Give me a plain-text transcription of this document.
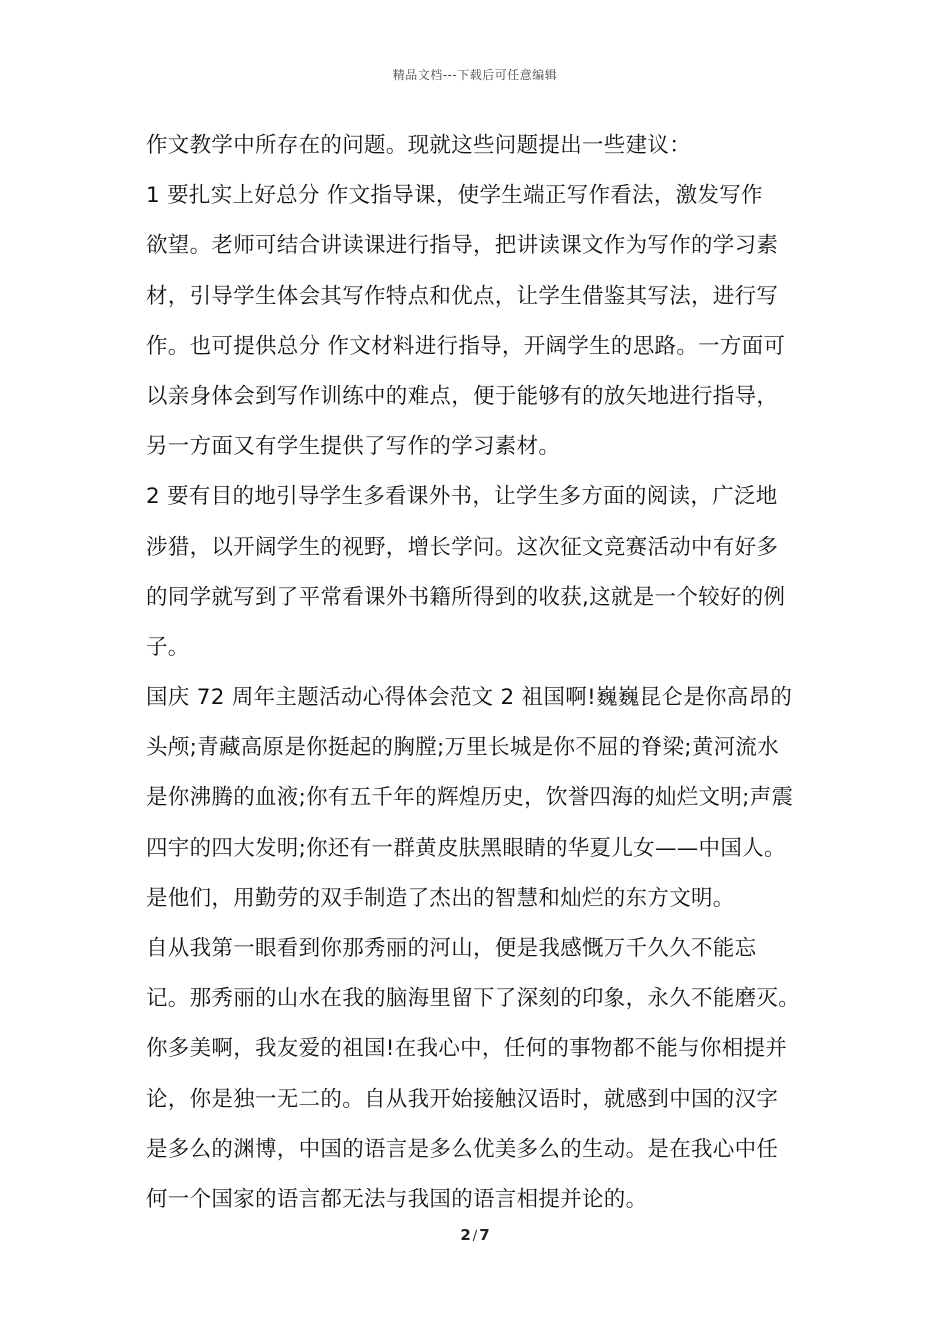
精品文档---下载后可任意编辑
作文教学中所存在的问题。现就这些问题提出一些建议：
1 要扎实上好总分 作文指导课，使学生端正写作看法，激发写作
欲望。老师可结合讲读课进行指导，把讲读课文作为写作的学习素
材，引导学生体会其写作特点和优点，让学生借鉴其写法，进行写
作。也可提供总分 作文材料进行指导，开阔学生的思路。一方面可
以亲身体会到写作训练中的难点，便于能够有的放矢地进行指导，
另一方面又有学生提供了写作的学习素材。
2 要有目的地引导学生多看课外书，让学生多方面的阅读，广泛地
涉猎，以开阔学生的视野，增长学问。这次征文竞赛活动中有好多
的同学就写到了平常看课外书籍所得到的收获,这就是一个较好的例
子。
国庆 72 周年主题活动心得体会范文 2 祖国啊!巍巍昆仑是你高昂的
头颅;青藏高原是你挺起的胸膛;万里长城是你不屈的脊梁;黄河流水
是你沸腾的血液;你有五千年的辉煌历史，饮誉四海的灿烂文明;声震
四宇的四大发明;你还有一群黄皮肤黑眼睛的华夏儿女——中国人。
是他们，用勤劳的双手制造了杰出的智慧和灿烂的东方文明。
自从我第一眼看到你那秀丽的河山，便是我感慨万千久久不能忘
记。那秀丽的山水在我的脑海里留下了深刻的印象，永久不能磨灭。
你多美啊，我友爱的祖国!在我心中，任何的事物都不能与你相提并
论，你是独一无二的。自从我开始接触汉语时，就感到中国的汉字
是多么的渊博，中国的语言是多么优美多么的生动。是在我心中任
何一个国家的语言都无法与我国的语言相提并论的。
2 / 7
